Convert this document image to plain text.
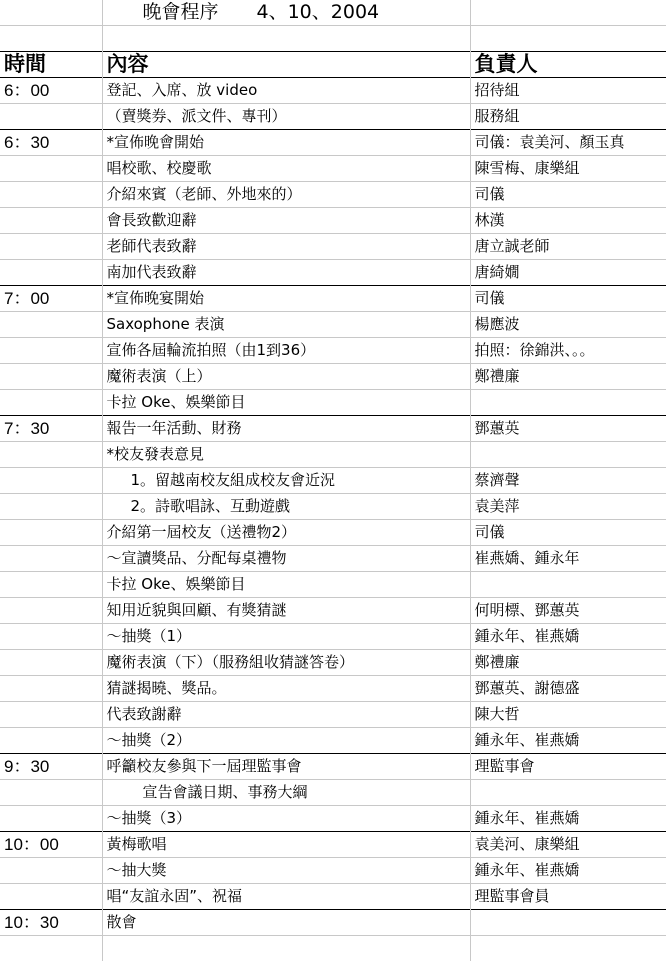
	晚會程序　　4、10、2004	

時間	內容	負責人
6：00	登記、入席、放 video	招待組
	（賣獎券、派文件、專刊）	服務組
6：30	*宣佈晚會開始	司儀：袁美河、顏玉真
	唱校歌、校慶歌	陳雪梅、康樂組
	介紹來賓（老師、外地來的）	司儀
	會長致歡迎辭	林漢
	老師代表致辭	唐立誠老師
	南加代表致辭	唐綺嫺
7：00	*宣佈晚宴開始	司儀
	Saxophone 表演	楊應波
	宣佈各屆輪流拍照（由1到36）	拍照：徐錦洪、。。
	魔術表演（上）	鄭禮廉
	卡拉 Oke、娛樂節目	
7：30	報告一年活動、財務	鄧蕙英
	*校友發表意見	
	1。留越南校友組成校友會近況	蔡濟聲
	2。詩歌唱詠、互動遊戲	袁美萍
	介紹第一屆校友（送禮物2）	司儀
	～宣讀獎品、分配每桌禮物	崔燕嬌、鍾永年
	卡拉 Oke、娛樂節目	
	知用近貌與回顧、有獎猜謎	何明標、鄧蕙英
	～抽獎（1）	鍾永年、崔燕嬌
	魔術表演（下）（服務組收猜謎答卷）	鄭禮廉
	猜謎揭曉、獎品。	鄧蕙英、謝德盛
	代表致謝辭	陳大哲
	～抽獎（2）	鍾永年、崔燕嬌
9：30	呼籲校友參與下一屆理監事會	理監事會
	宣告會議日期、事務大綱	
	～抽獎（3）	鍾永年、崔燕嬌
10：00	黃梅歌唱	袁美河、康樂組
	～抽大獎	鍾永年、崔燕嬌
	唱“友誼永固”、祝福	理監事會員
10：30	散會	
